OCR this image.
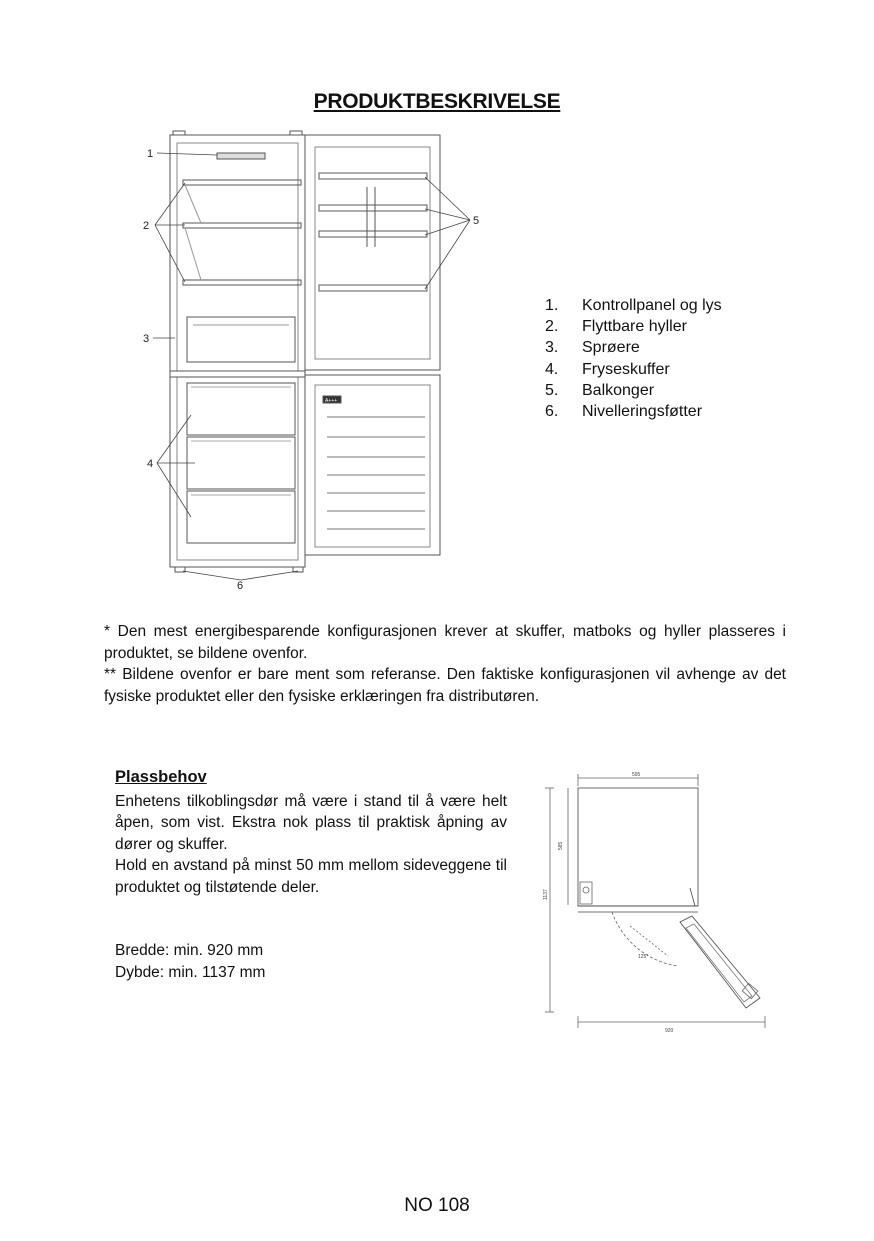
PRODUKTBESKRIVELSE
1
2
3
4
5
6
A+++
1.	Kontrollpanel og lys
2.	Flyttbare hyller
3.	Sprøere
4.	Fryseskuffer
5.	Balkonger
6.	Nivelleringsføtter

* Den mest energibesparende konfigurasjonen krever at skuffer, matboks og hyller plasseres i produktet, se bildene ovenfor.

** Bildene ovenfor er bare ment som referanse. Den faktiske konfigurasjonen vil avhenge av det fysiske produktet eller den fysiske erklæringen fra distributøren.

Plassbehov

Enhetens tilkoblingsdør må være i stand til å være helt åpen, som vist. Ekstra nok plass til praktisk åpning av dører og skuffer.

Hold en avstand på minst 50 mm mellom sideveggene til produktet og tilstøtende deler.

Bredde: min. 920 mm

Dybde: min. 1137 mm

595
585
1137
920
125°
NO 108
